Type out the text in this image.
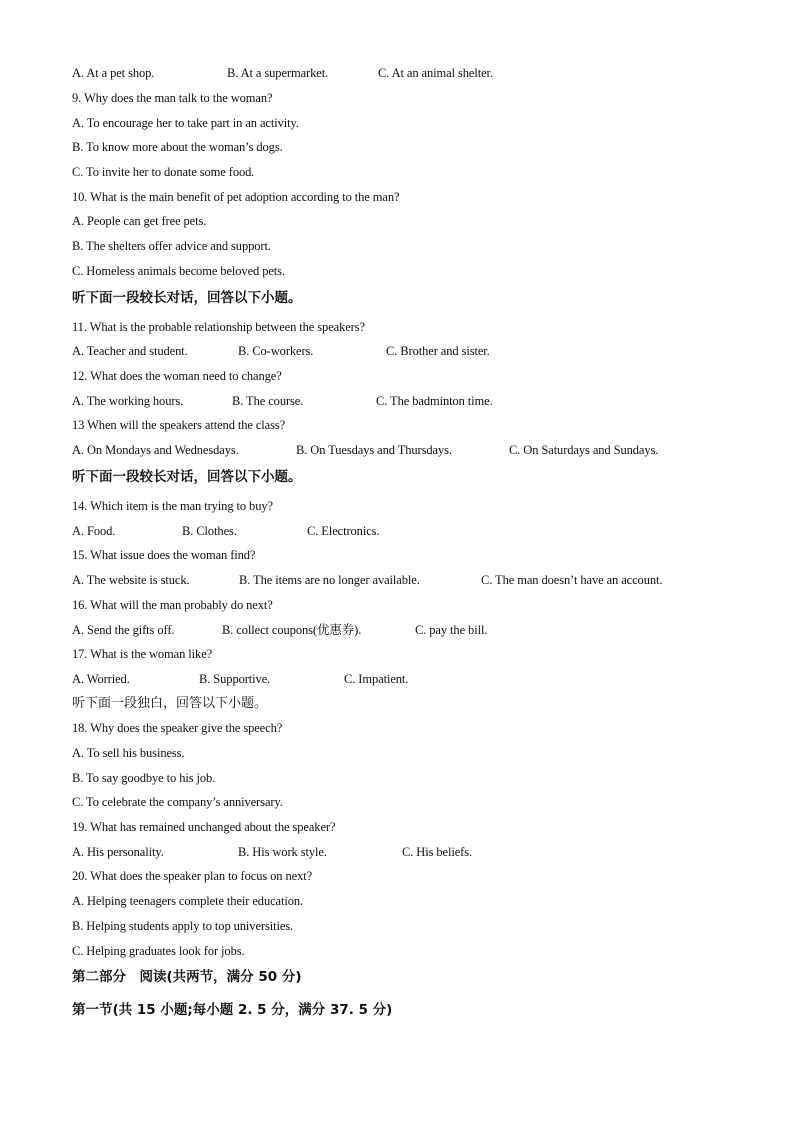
A. At a pet shop.	B. At a supermarket.	C. At an animal shelter.
9. Why does the man talk to the woman?
A. To encourage her to take part in an activity.
B. To know more about the woman’s dogs.
C. To invite her to donate some food.
10. What is the main benefit of pet adoption according to the man?
A. People can get free pets.
B. The shelters offer advice and support.
C. Homeless animals become beloved pets.
听下面一段较长对话，回答以下小题。
11. What is the probable relationship between the speakers?
A. Teacher and student.	B. Co-workers.	C. Brother and sister.
12. What does the woman need to change?
A. The working hours.	B. The course.	C. The badminton time.
13 When will the speakers attend the class?
A. On Mondays and Wednesdays.	B. On Tuesdays and Thursdays.	C. On Saturdays and Sundays.
听下面一段较长对话，回答以下小题。
14. Which item is the man trying to buy?
A. Food.	B. Clothes.	C. Electronics.
15. What issue does the woman find?
A. The website is stuck.	B. The items are no longer available.	C. The man doesn’t have an account.
16. What will the man probably do next?
A. Send the gifts off.	B. collect coupons(优惠券).	C. pay the bill.
17. What is the woman like?
A. Worried.	B. Supportive.	C. Impatient.
听下面一段独白，回答以下小题。
18. Why does the speaker give the speech?
A. To sell his business.
B. To say goodbye to his job.
C. To celebrate the company’s anniversary.
19. What has remained unchanged about the speaker?
A. His personality.	B. His work style.	C. His beliefs.
20. What does the speaker plan to focus on next?
A. Helping teenagers complete their education.
B. Helping students apply to top universities.
C. Helping graduates look for jobs.
第二部分　阅读(共两节，满分 50 分)
第一节(共 15 小题;每小题 2. 5 分，满分 37. 5 分)
